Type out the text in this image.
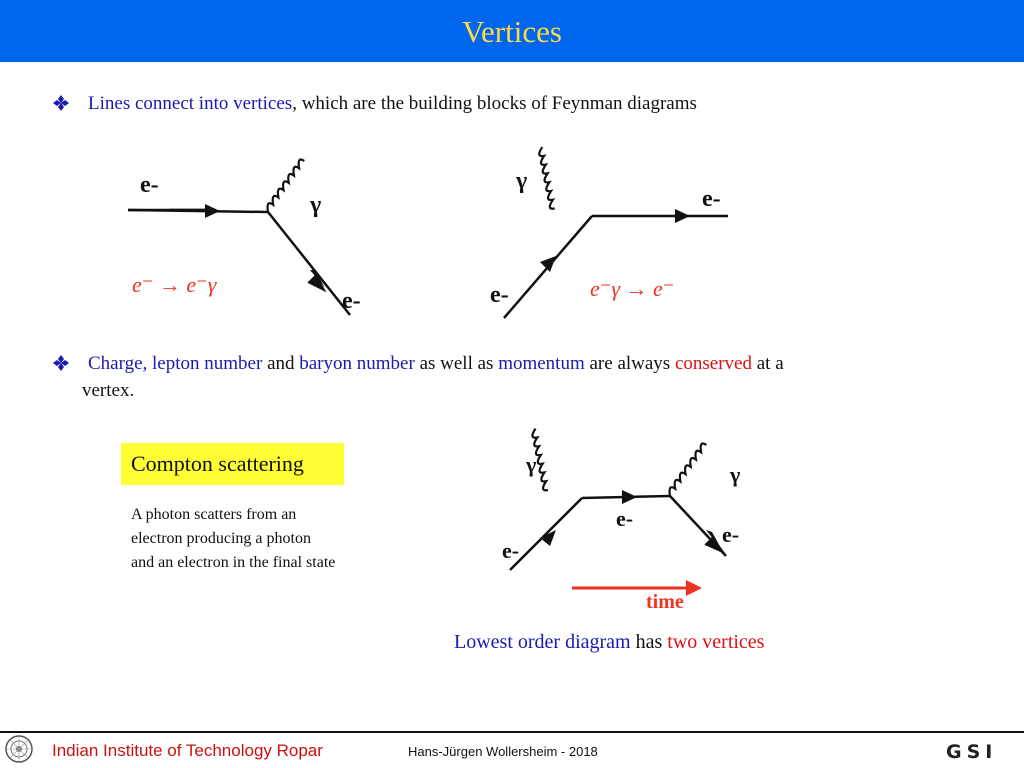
Vertices
Lines connect into vertices, which are the building blocks of Feynman diagrams
e-
γ
e-
e⁻ → e⁻γ
γ
e-
e-	e⁻γ → e⁻
Charge, lepton number and baryon number as well as momentum are always conserved at a
vertex.
Compton scattering
A photon scatters from an
electron producing a photon
and an electron in the final state
γ
e-
e-
γ
e-
time
Lowest order diagram has two vertices
Indian Institute of Technology Ropar	Hans-Jürgen Wollersheim - 2018	GSI
